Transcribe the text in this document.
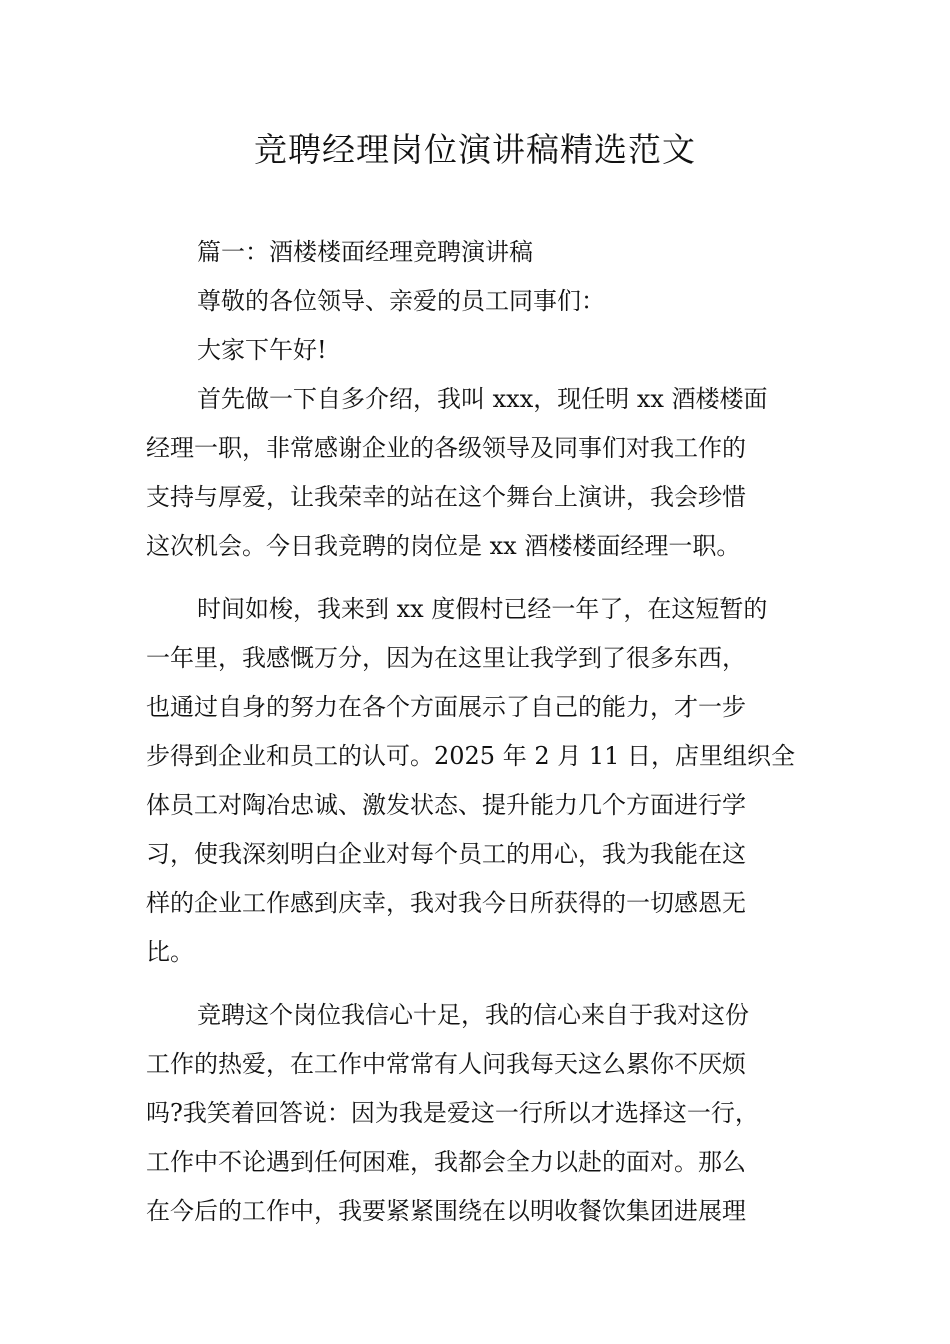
竞聘经理岗位演讲稿精选范文

篇一：酒楼楼面经理竞聘演讲稿

尊敬的各位领导、亲爱的员工同事们：

大家下午好!

首先做一下自多介绍，我叫 xxx，现任明 xx 酒楼楼面

经理一职，非常感谢企业的各级领导及同事们对我工作的

支持与厚爱，让我荣幸的站在这个舞台上演讲，我会珍惜

这次机会。今日我竞聘的岗位是 xx 酒楼楼面经理一职。

时间如梭，我来到 xx 度假村已经一年了，在这短暂的

一年里，我感慨万分，因为在这里让我学到了很多东西，

也通过自身的努力在各个方面展示了自己的能力，才一步

步得到企业和员工的认可。2025 年 2 月 11 日，店里组织全

体员工对陶冶忠诚、激发状态、提升能力几个方面进行学

习，使我深刻明白企业对每个员工的用心，我为我能在这

样的企业工作感到庆幸，我对我今日所获得的一切感恩无

比。

竞聘这个岗位我信心十足，我的信心来自于我对这份

工作的热爱，在工作中常常有人问我每天这么累你不厌烦

吗?我笑着回答说：因为我是爱这一行所以才选择这一行，

工作中不论遇到任何困难，我都会全力以赴的面对。那么

在今后的工作中，我要紧紧围绕在以明收餐饮集团进展理
